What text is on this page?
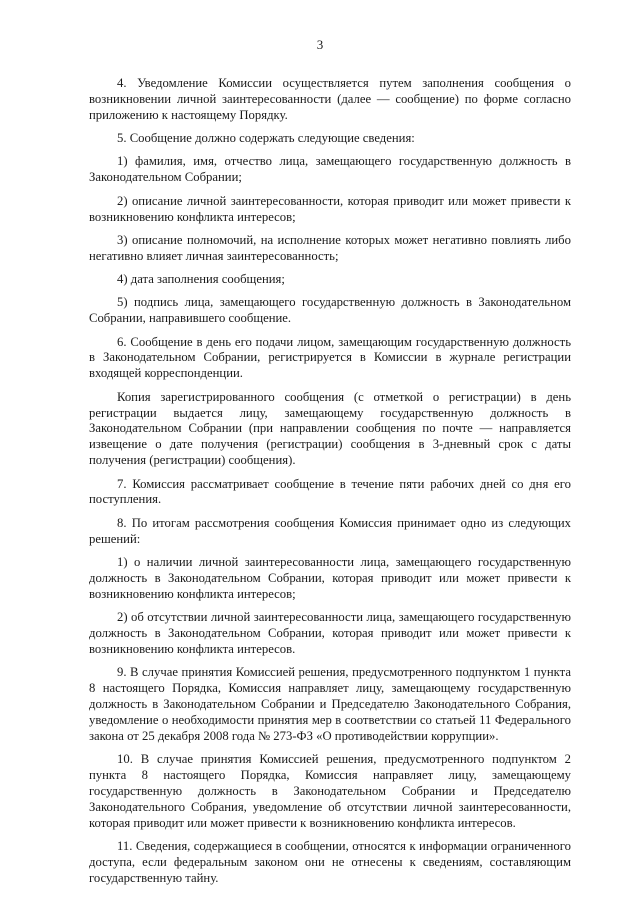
3

4. Уведомление Комиссии осуществляется путем заполнения сообщения о возникновении личной заинтересованности (далее — сообщение) по форме согласно приложению к настоящему Порядку.

5. Сообщение должно содержать следующие сведения:

1) фамилия, имя, отчество лица, замещающего государственную должность в Законодательном Собрании;

2) описание личной заинтересованности, которая приводит или может привести к возникновению конфликта интересов;

3) описание полномочий, на исполнение которых может негативно повлиять либо негативно влияет личная заинтересованность;

4) дата заполнения сообщения;

5) подпись лица, замещающего государственную должность в Законодательном Собрании, направившего сообщение.

6. Сообщение в день его подачи лицом, замещающим государственную должность в Законодательном Собрании, регистрируется в Комиссии в журнале регистрации входящей корреспонденции.

Копия зарегистрированного сообщения (с отметкой о регистрации) в день регистрации выдается лицу, замещающему государственную должность в Законодательном Собрании (при направлении сообщения по почте — направляется извещение о дате получения (регистрации) сообщения в 3-дневный срок с даты получения (регистрации) сообщения).

7. Комиссия рассматривает сообщение в течение пяти рабочих дней со дня его поступления.

8. По итогам рассмотрения сообщения Комиссия принимает одно из следующих решений:

1) о наличии личной заинтересованности лица, замещающего государственную должность в Законодательном Собрании, которая приводит или может привести к возникновению конфликта интересов;

2) об отсутствии личной заинтересованности лица, замещающего государственную должность в Законодательном Собрании, которая приводит или может привести к возникновению конфликта интересов.

9. В случае принятия Комиссией решения, предусмотренного подпунктом 1 пункта 8 настоящего Порядка, Комиссия направляет лицу, замещающему государственную должность в Законодательном Собрании и Председателю Законодательного Собрания, уведомление о необходимости принятия мер в соответствии со статьей 11 Федерального закона от 25 декабря 2008 года № 273-ФЗ «О противодействии коррупции».

10. В случае принятия Комиссией решения, предусмотренного подпунктом 2 пункта 8 настоящего Порядка, Комиссия направляет лицу, замещающему государственную должность в Законодательном Собрании и Председателю Законодательного Собрания, уведомление об отсутствии личной заинтересованности, которая приводит или может привести к возникновению конфликта интересов.

11. Сведения, содержащиеся в сообщении, относятся к информации ограниченного доступа, если федеральным законом они не отнесены к сведениям, составляющим государственную тайну.
